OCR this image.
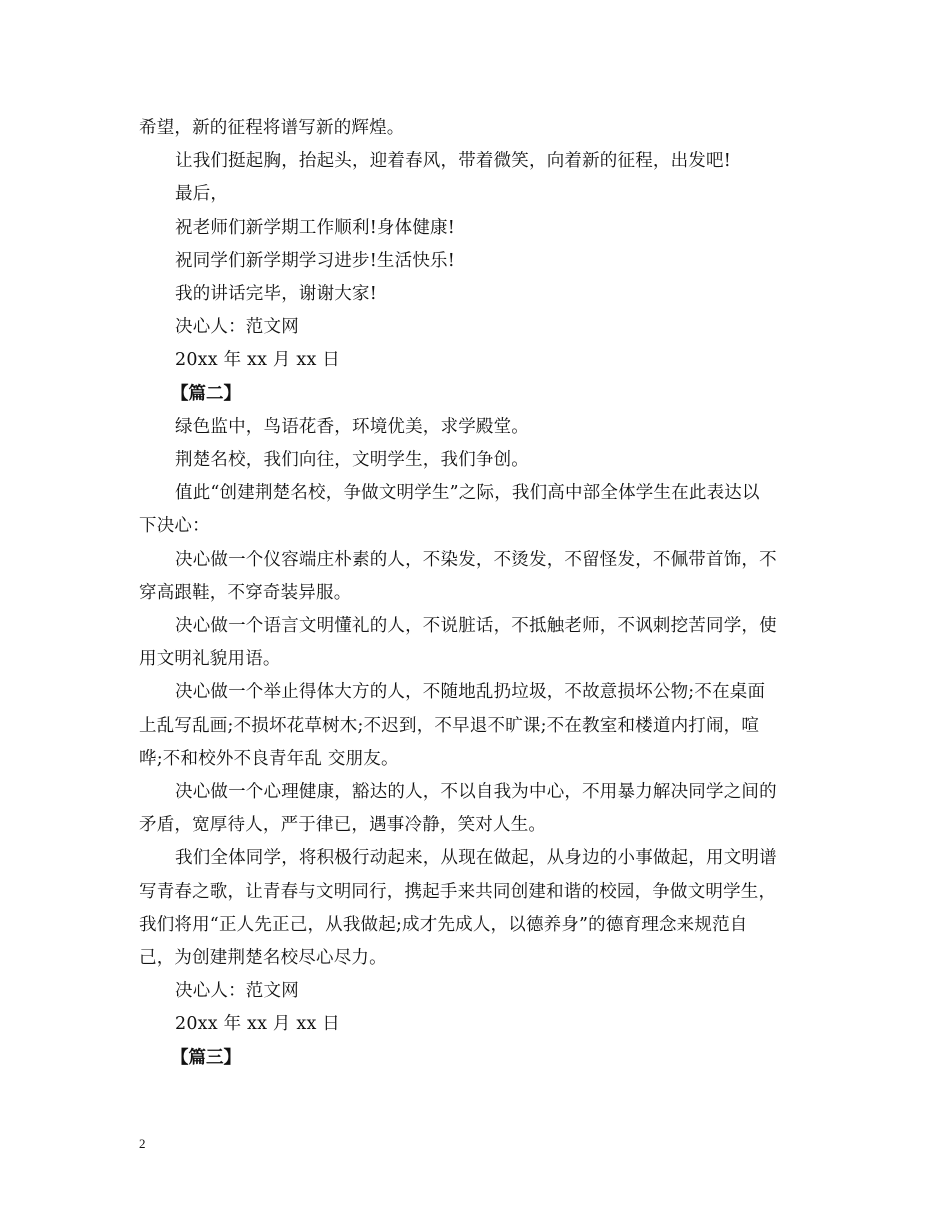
希望，新的征程将谱写新的辉煌。

让我们挺起胸，抬起头，迎着春风，带着微笑，向着新的征程，出发吧!

最后，

祝老师们新学期工作顺利!身体健康!

祝同学们新学期学习进步!生活快乐!

我的讲话完毕，谢谢大家!

决心人：范文网

20xx 年 xx 月 xx 日

【篇二】

绿色监中，鸟语花香，环境优美，求学殿堂。

荆楚名校，我们向往，文明学生，我们争创。

值此“创建荆楚名校，争做文明学生”之际，我们高中部全体学生在此表达以

下决心：

决心做一个仪容端庄朴素的人，不染发，不烫发，不留怪发，不佩带首饰，不

穿高跟鞋，不穿奇装异服。

决心做一个语言文明懂礼的人，不说脏话，不抵触老师，不讽刺挖苦同学，使

用文明礼貌用语。

决心做一个举止得体大方的人，不随地乱扔垃圾，不故意损坏公物;不在桌面

上乱写乱画;不损坏花草树木;不迟到，不早退不旷课;不在教室和楼道内打闹，喧

哗;不和校外不良青年乱 交朋友。

决心做一个心理健康，豁达的人，不以自我为中心，不用暴力解决同学之间的

矛盾，宽厚待人，严于律已，遇事冷静，笑对人生。

我们全体同学，将积极行动起来，从现在做起，从身边的小事做起，用文明谱

写青春之歌，让青春与文明同行，携起手来共同创建和谐的校园，争做文明学生，

我们将用“正人先正己，从我做起;成才先成人，以德养身”的德育理念来规范自

己，为创建荆楚名校尽心尽力。

决心人：范文网

20xx 年 xx 月 xx 日

【篇三】

2
